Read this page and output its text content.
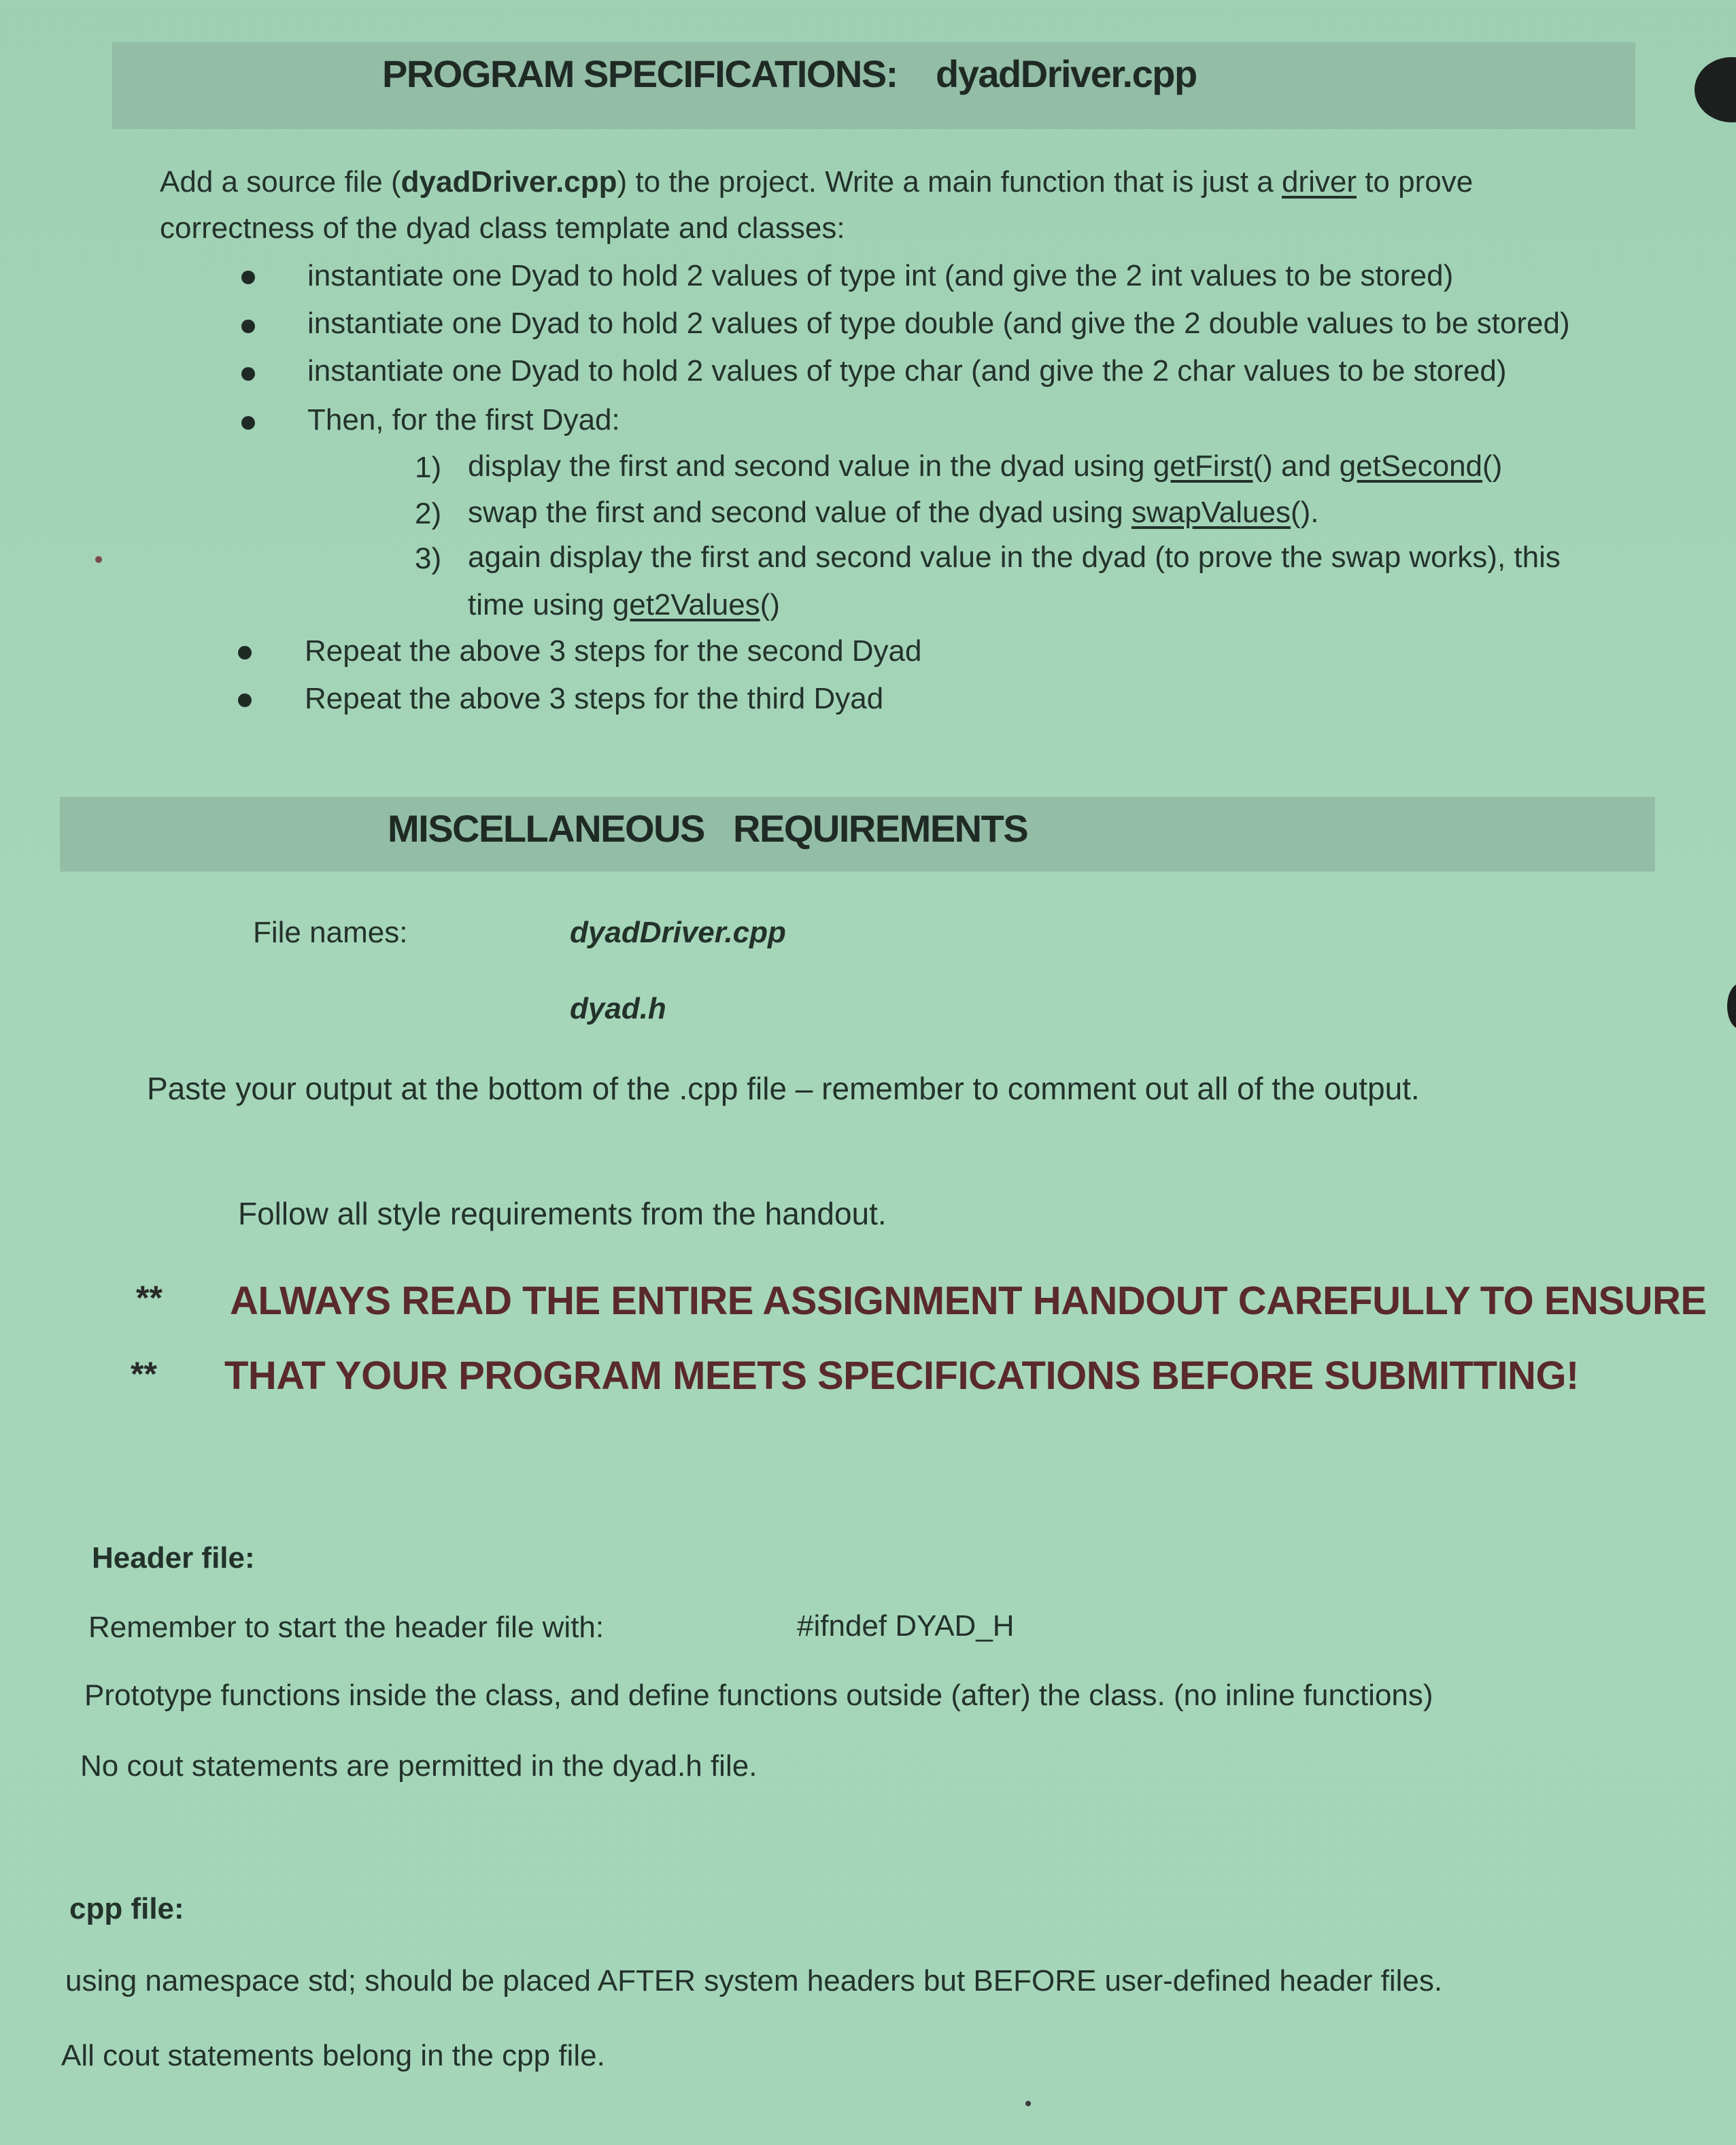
PROGRAM SPECIFICATIONS: dyadDriver.cpp
Add a source file (dyadDriver.cpp) to the project. Write a main function that is just a driver to prove
correctness of the dyad class template and classes:
instantiate one Dyad to hold 2 values of type int (and give the 2 int values to be stored)
instantiate one Dyad to hold 2 values of type double (and give the 2 double values to be stored)
instantiate one Dyad to hold 2 values of type char (and give the 2 char values to be stored)
Then, for the first Dyad:
1) display the first and second value in the dyad using getFirst() and getSecond()
2) swap the first and second value of the dyad using swapValues().
3) again display the first and second value in the dyad (to prove the swap works), this
time using get2Values()
Repeat the above 3 steps for the second Dyad
Repeat the above 3 steps for the third Dyad
MISCELLANEOUS   REQUIREMENTS
File names:	dyadDriver.cpp
dyad.h
Paste your output at the bottom of the .cpp file – remember to comment out all of the output.
Follow all style requirements from the handout.
** ALWAYS READ THE ENTIRE ASSIGNMENT HANDOUT CAREFULLY TO ENSURE
** THAT YOUR PROGRAM MEETS SPECIFICATIONS BEFORE SUBMITTING!
Header file:
Remember to start the header file with:	#ifndef DYAD_H
Prototype functions inside the class, and define functions outside (after) the class. (no inline functions)
No cout statements are permitted in the dyad.h file.
cpp file:
using namespace std; should be placed AFTER system headers but BEFORE user-defined header files.
All cout statements belong in the cpp file.
